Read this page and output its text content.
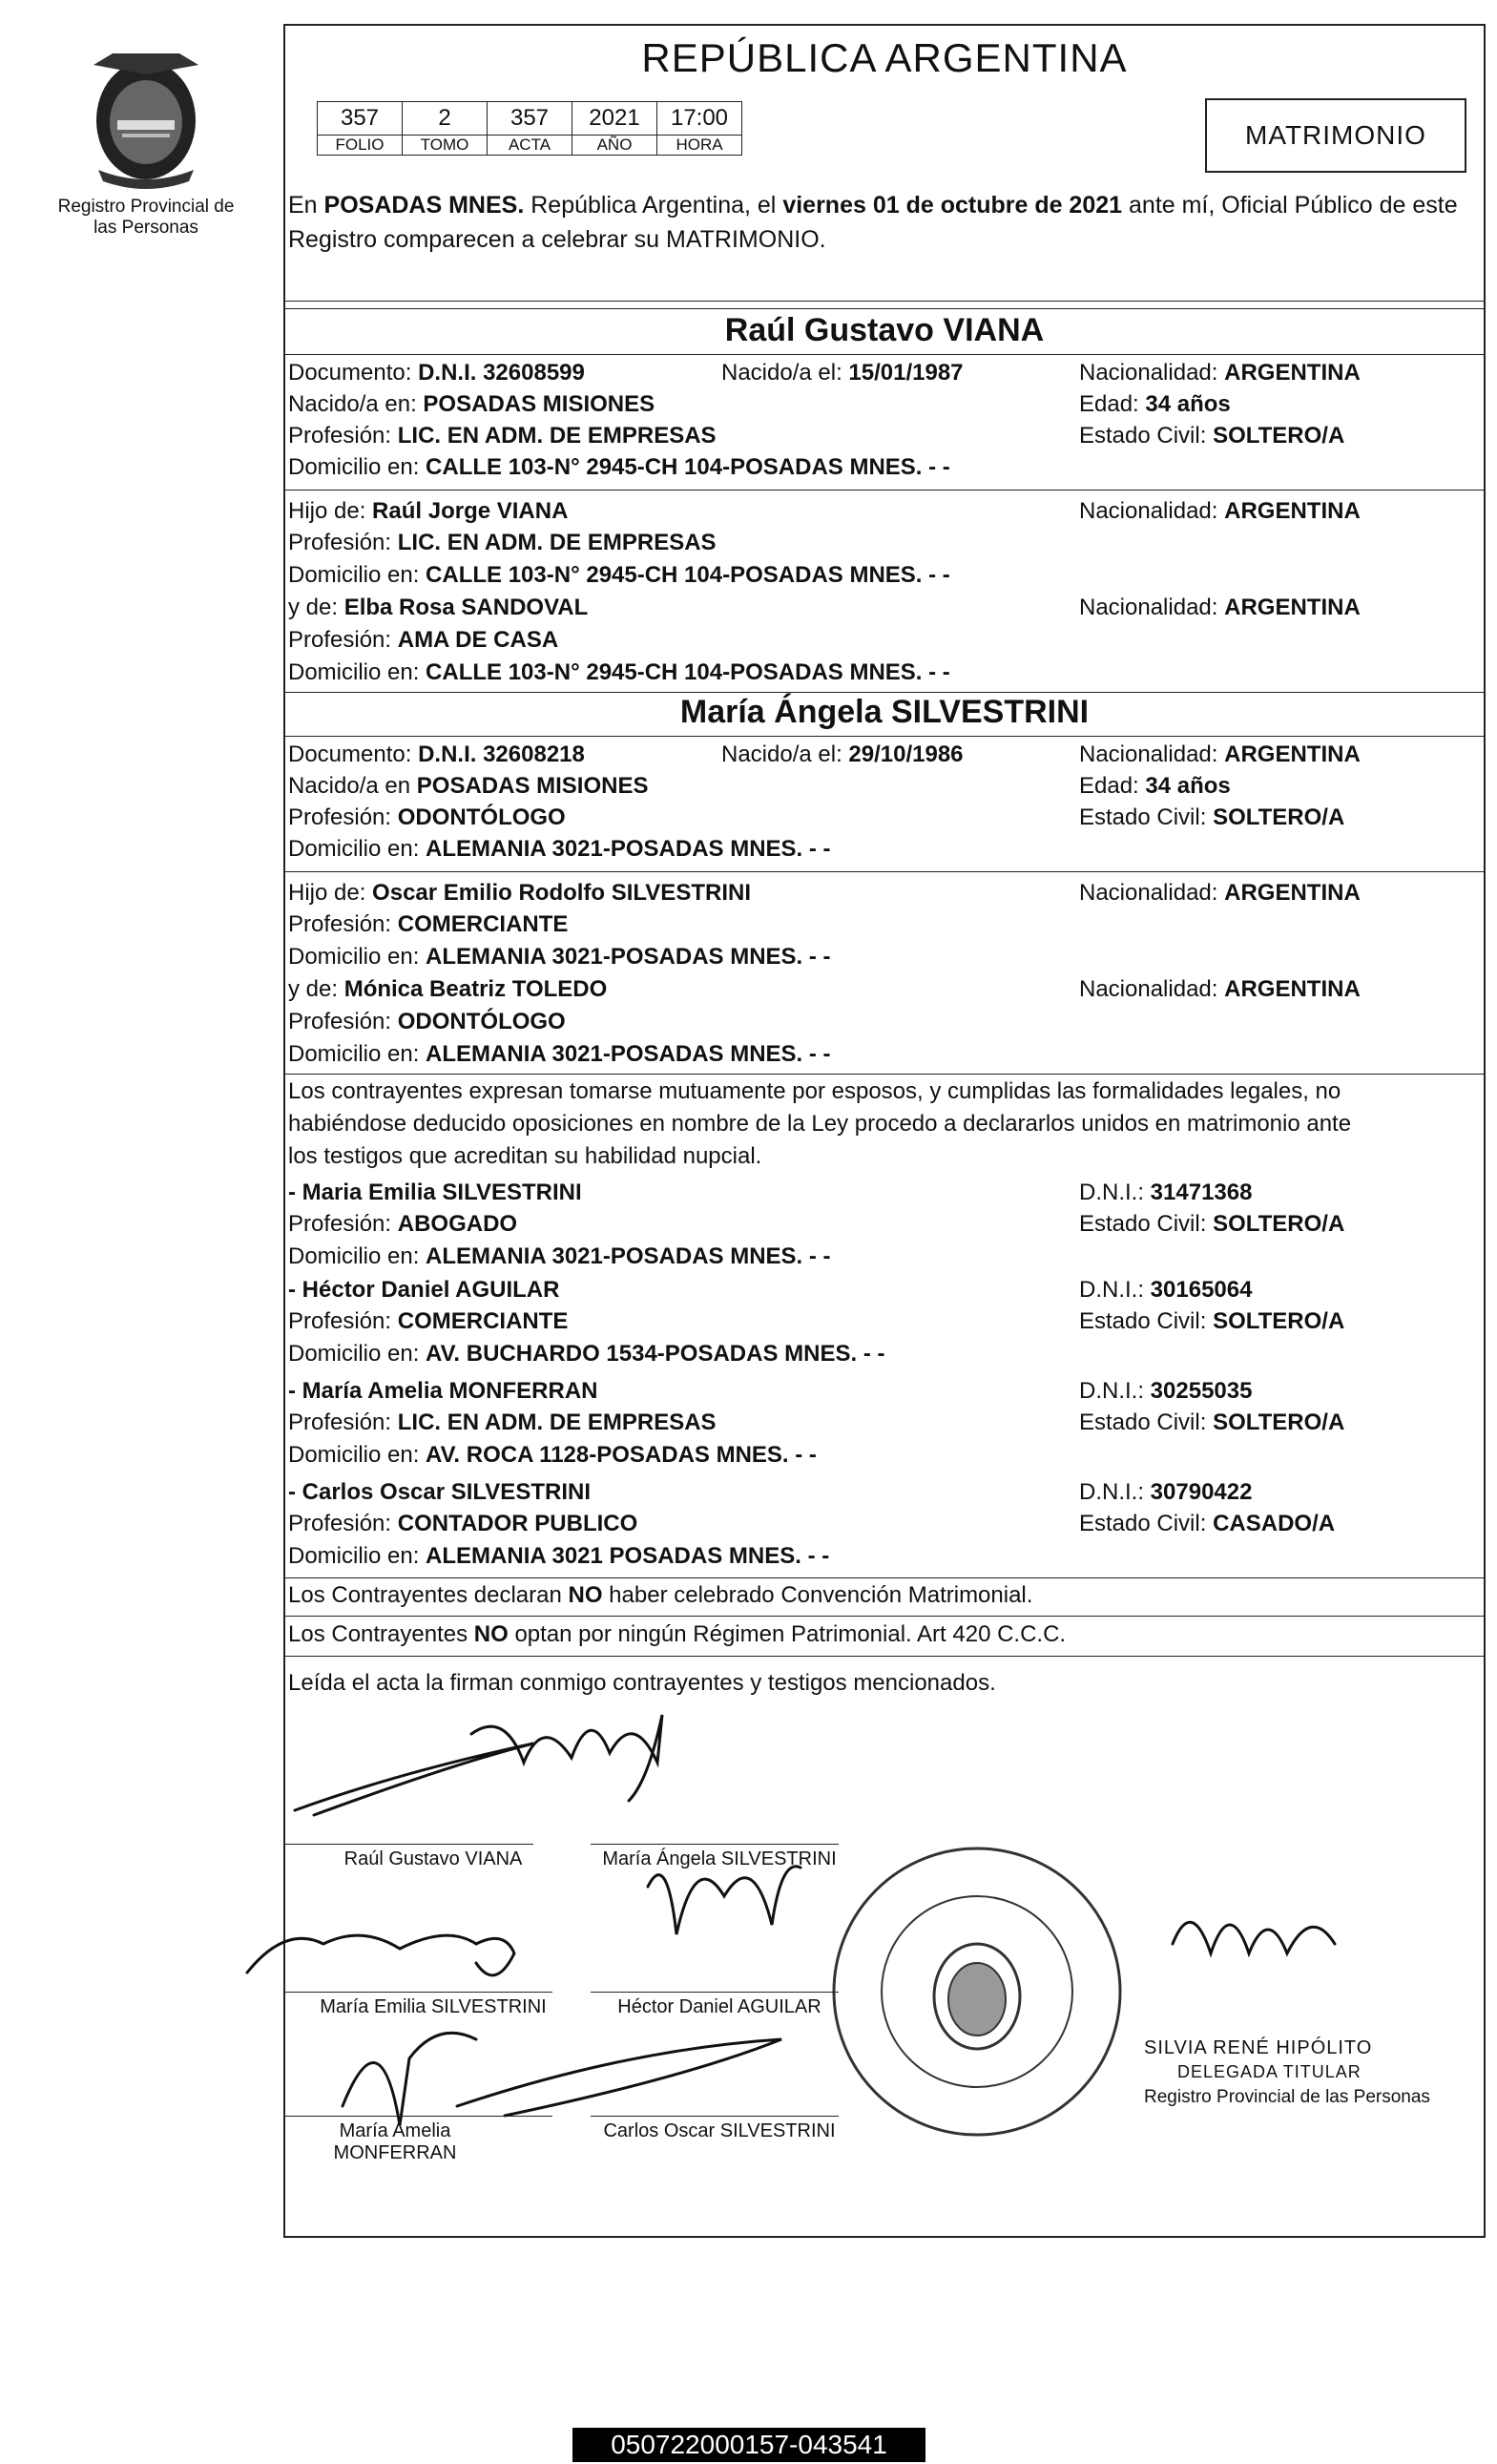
Registro Provincial de las Personas
REPÚBLICA ARGENTINA
357	2	357	2021	17:00
FOLIO	TOMO	ACTA	AÑO	HORA	MATRIMONIO
En POSADAS MNES. República Argentina, el viernes 01 de octubre de 2021 ante mí, Oficial Público de este Registro comparecen a celebrar su MATRIMONIO.
Raúl Gustavo VIANA
Documento: D.N.I. 32608599	Nacido/a el: 15/01/1987	Nacionalidad: ARGENTINA
Nacido/a en: POSADAS MISIONES	Edad: 34 años
Profesión: LIC. EN ADM. DE EMPRESAS	Estado Civil: SOLTERO/A
Domicilio en: CALLE 103-N° 2945-CH 104-POSADAS MNES. - -
Hijo de: Raúl Jorge VIANA	Nacionalidad: ARGENTINA
Profesión: LIC. EN ADM. DE EMPRESAS
Domicilio en: CALLE 103-N° 2945-CH 104-POSADAS MNES. - -
y de: Elba Rosa SANDOVAL	Nacionalidad: ARGENTINA
Profesión: AMA DE CASA
Domicilio en: CALLE 103-N° 2945-CH 104-POSADAS MNES. - -
María Ángela SILVESTRINI
Documento: D.N.I. 32608218	Nacido/a el: 29/10/1986	Nacionalidad: ARGENTINA
Nacido/a en POSADAS MISIONES	Edad: 34 años
Profesión: ODONTÓLOGO	Estado Civil: SOLTERO/A
Domicilio en: ALEMANIA 3021-POSADAS MNES. - -
Hijo de: Oscar Emilio Rodolfo SILVESTRINI	Nacionalidad: ARGENTINA
Profesión: COMERCIANTE
Domicilio en: ALEMANIA 3021-POSADAS MNES. - -
y de: Mónica Beatriz TOLEDO	Nacionalidad: ARGENTINA
Profesión: ODONTÓLOGO
Domicilio en: ALEMANIA 3021-POSADAS MNES. - -
Los contrayentes expresan tomarse mutuamente por esposos, y cumplidas las formalidades legales, no
habiéndose deducido oposiciones en nombre de la Ley procedo a declararlos unidos en matrimonio ante
los testigos que acreditan su habilidad nupcial.
- Maria Emilia SILVESTRINI	D.N.I.: 31471368
Profesión: ABOGADO	Estado Civil: SOLTERO/A
Domicilio en: ALEMANIA 3021-POSADAS MNES. - -
- Héctor Daniel AGUILAR	D.N.I.: 30165064
Profesión: COMERCIANTE	Estado Civil: SOLTERO/A
Domicilio en: AV. BUCHARDO 1534-POSADAS MNES. - -
- María Amelia MONFERRAN	D.N.I.: 30255035
Profesión: LIC. EN ADM. DE EMPRESAS	Estado Civil: SOLTERO/A
Domicilio en: AV. ROCA 1128-POSADAS MNES. - -
- Carlos Oscar SILVESTRINI	D.N.I.: 30790422
Profesión: CONTADOR PUBLICO	Estado Civil: CASADO/A
Domicilio en: ALEMANIA 3021 POSADAS MNES. - -
Los Contrayentes declaran NO haber celebrado Convención Matrimonial.
Los Contrayentes NO optan por ningún Régimen Patrimonial. Art 420 C.C.C.
Leída el acta la firman conmigo contrayentes y testigos mencionados.
Raúl Gustavo VIANA	María Ángela SILVESTRINI
María Emilia SILVESTRINI	Héctor Daniel AGUILAR
María Amelia
MONFERRAN
Carlos Oscar SILVESTRINI
SILVIA RENÉ HIPÓLITO
DELEGADA TITULAR
Registro Provincial de las Personas
050722000157-043541
